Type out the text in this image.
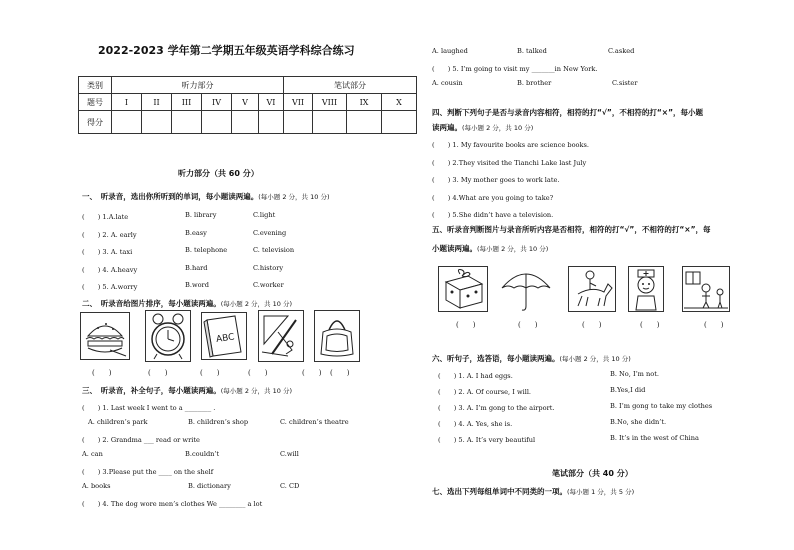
2022-2023 学年第二学期五年级英语学科综合练习
类别	听力部分						笔试部分			
题号	I	II	III	IV	V	VI	VII	VIII	IX	X
得分										
听力部分（共 60 分）
一、　听录音，选出你所听到的单词，每小题读两遍。(每小题 2 分，共 10 分)
(　　) 1.A.late	B. library	C.light
(　　) 2. A. early	B.easy	C.evening
(　　) 3. A. taxi	B. telephone	C. television
(　　) 4. A.heavy	B.hard	C.history
(　　) 5. A.worry	B.word	C.worker
二、　听录音给图片排序，每小题读两遍。(每小题 2 分，共 10 分)
ABC
(　　)	(　　)	(　　)	(　　)	(　　) (　　)
三、　听录音，补全句子，每小题读两遍。(每小题 2 分，共 10 分)
(　　) 1. Last week I went to a ________ .
A. children’s park	B. children’s shop	C. children’s theatre
(　　) 2. Grandma ___ read or write
A. can	B.couldn’t	C.will
(　　) 3.Please put the ____ on the shelf
A. books	B. dictionary	C. CD
(　　) 4. The dog wore men’s clothes We ________ a lot
A. laughed	B. talked	C.asked
(　　) 5. I’m going to visit my _______in New York.
A. cousin	B. brother	C.sister
四、判断下列句子是否与录音内容相符，相符的打“√”，不相符的打“×”，每小题
读两遍。(每小题 2 分，共 10 分)
(　　) 1. My favourite books are science books.
(　　) 2.They visited the Tianchi Lake last July
(　　) 3. My mother goes to work late.
(　　) 4.What are you going to take?
(　　) 5.She didn’t have a television.
五、听录音判断图片与录音所听内容是否相符，相符的打“√”，不相符的打“×”，每
小题读两遍。(每小题 2 分，共 10 分)
(　　)	(　　)	(　　)	(　　)	(　　)
六、听句子，选答语，每小题读两遍。(每小题 2 分，共 10 分)
(　　) 1. A. I had eggs.	B. No, I’m not.
(　　) 2. A. Of course, I will.	B.Yes,I did
(　　) 3. A. I’m gong to the airport.	B. I’m gong to take my clothes
(　　) 4. A. Yes, she is.	B.No, she didn’t.
(　　) 5. A. It’s very beautiful	B. It’s in the west of China
笔试部分（共 40 分）
七、选出下列每组单词中不同类的一项。(每小题 1 分，共 5 分)
